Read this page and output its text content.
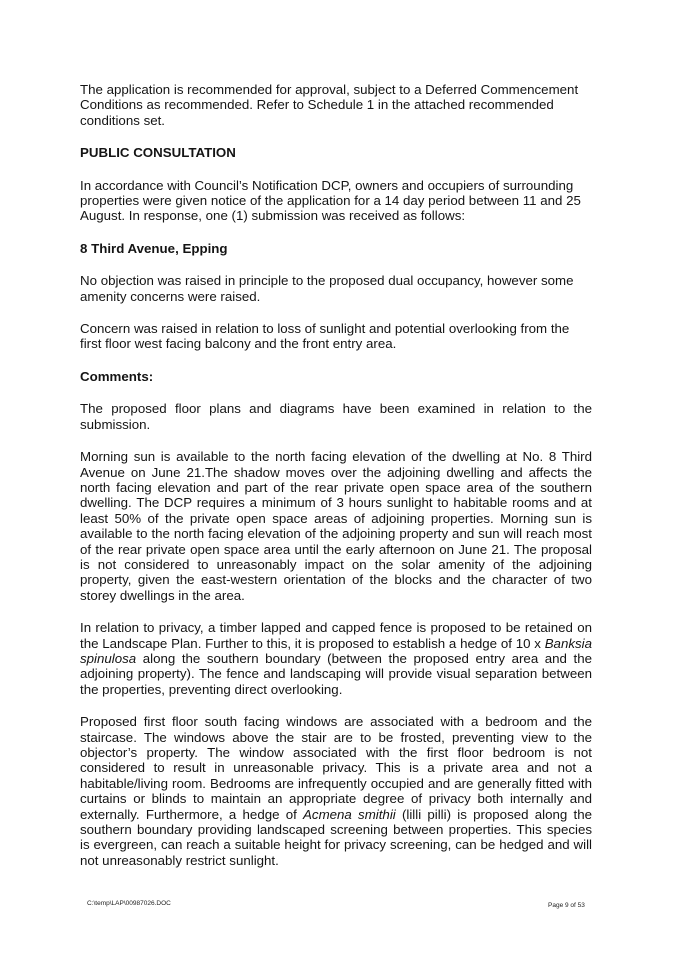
The application is recommended for approval, subject to a Deferred Commencement Conditions as recommended. Refer to Schedule 1 in the attached recommended conditions set.

PUBLIC CONSULTATION

In accordance with Council’s Notification DCP, owners and occupiers of surrounding properties were given notice of the application for a 14 day period between 11 and 25 August. In response, one (1) submission was received as follows:

8 Third Avenue, Epping

No objection was raised in principle to the proposed dual occupancy, however some amenity concerns were raised.

Concern was raised in relation to loss of sunlight and potential overlooking from the first floor west facing balcony and the front entry area.

Comments:

The proposed floor plans and diagrams have been examined in relation to the submission.

Morning sun is available to the north facing elevation of the dwelling at No. 8 Third Avenue on June 21.The shadow moves over the adjoining dwelling and affects the north facing elevation and part of the rear private open space area of the southern dwelling. The DCP requires a minimum of 3 hours sunlight to habitable rooms and at least 50% of the private open space areas of adjoining properties. Morning sun is available to the north facing elevation of the adjoining property and sun will reach most of the rear private open space area until the early afternoon on June 21. The proposal is not considered to unreasonably impact on the solar amenity of the adjoining property, given the east-western orientation of the blocks and the character of two storey dwellings in the area.

In relation to privacy, a timber lapped and capped fence is proposed to be retained on the Landscape Plan. Further to this, it is proposed to establish a hedge of 10 x Banksia spinulosa along the southern boundary (between the proposed entry area and the adjoining property). The fence and landscaping will provide visual separation between the properties, preventing direct overlooking.

Proposed first floor south facing windows are associated with a bedroom and the staircase. The windows above the stair are to be frosted, preventing view to the objector’s property. The window associated with the first floor bedroom is not considered to result in unreasonable privacy. This is a private area and not a habitable/living room. Bedrooms are infrequently occupied and are generally fitted with curtains or blinds to maintain an appropriate degree of privacy both internally and externally. Furthermore, a hedge of Acmena smithii (lilli pilli) is proposed along the southern boundary providing landscaped screening between properties. This species is evergreen, can reach a suitable height for privacy screening, can be hedged and will not unreasonably restrict sunlight.

C:\temp\LAP\00987026.DOC	Page 9 of 53
